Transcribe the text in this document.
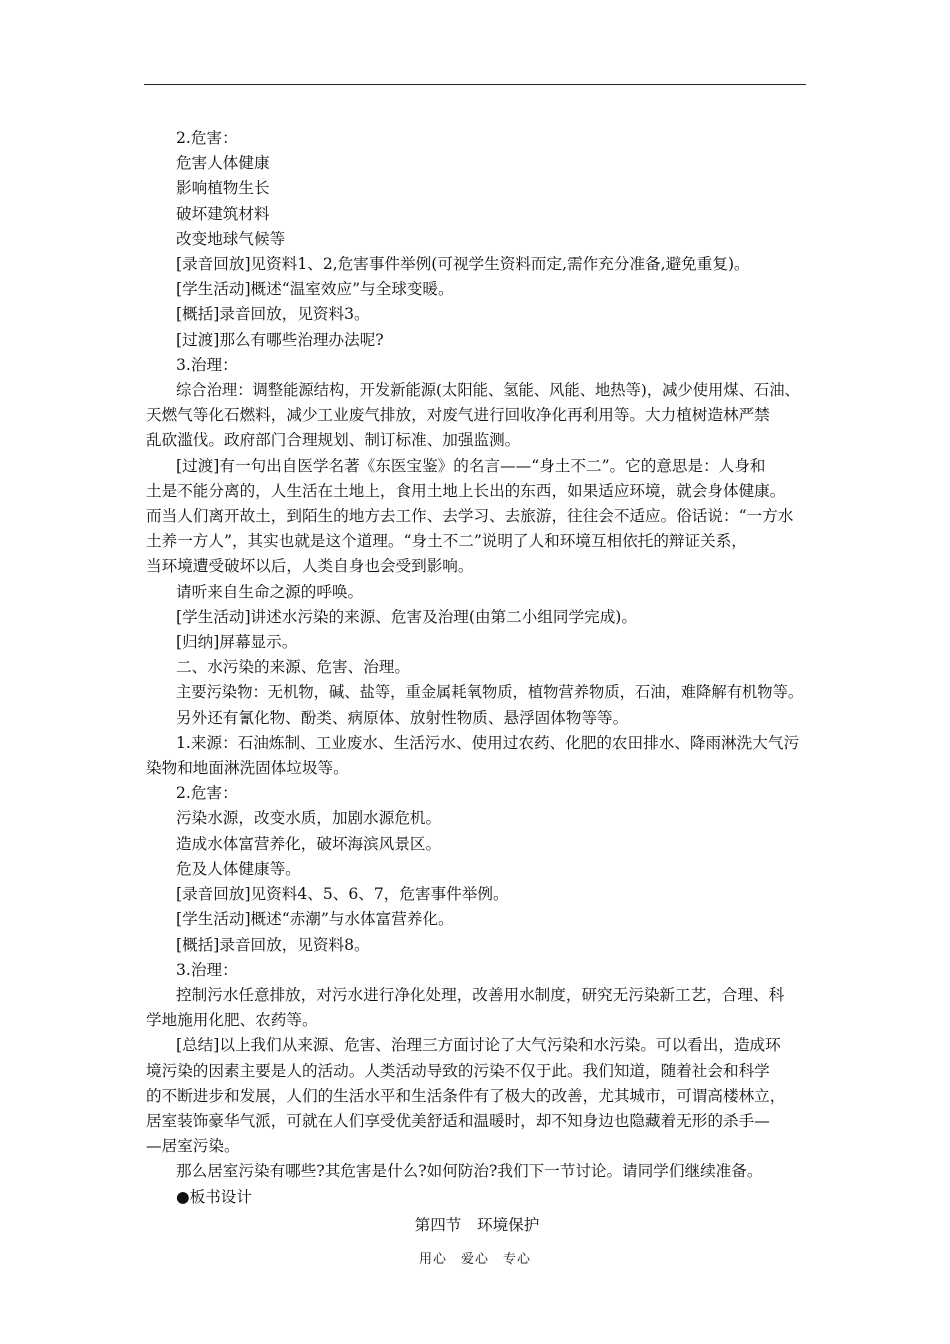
2.危害：

危害人体健康

影响植物生长

破坏建筑材料

改变地球气候等

[录音回放]见资料1、2,危害事件举例(可视学生资料而定,需作充分准备,避免重复)。

[学生活动]概述“温室效应”与全球变暖。

[概括]录音回放，见资料3。

[过渡]那么有哪些治理办法呢?

3.治理：

综合治理：调整能源结构，开发新能源(太阳能、氢能、风能、地热等)，减少使用煤、石油、

天燃气等化石燃料，减少工业废气排放，对废气进行回收净化再利用等。大力植树造林严禁

乱砍滥伐。政府部门合理规划、制订标准、加强监测。

[过渡]有一句出自医学名著《东医宝鉴》的名言——“身土不二”。它的意思是：人身和

土是不能分离的，人生活在土地上，食用土地上长出的东西，如果适应环境，就会身体健康。

而当人们离开故土，到陌生的地方去工作、去学习、去旅游，往往会不适应。俗话说：“一方水

土养一方人”，其实也就是这个道理。“身土不二”说明了人和环境互相依托的辩证关系，

当环境遭受破坏以后，人类自身也会受到影响。

请听来自生命之源的呼唤。

[学生活动]讲述水污染的来源、危害及治理(由第二小组同学完成)。

[归纳]屏幕显示。

二、水污染的来源、危害、治理。

主要污染物：无机物，碱、盐等，重金属耗氧物质，植物营养物质，石油，难降解有机物等。

另外还有氰化物、酚类、病原体、放射性物质、悬浮固体物等等。

1.来源：石油炼制、工业废水、生活污水、使用过农药、化肥的农田排水、降雨淋洗大气污

染物和地面淋洗固体垃圾等。

2.危害：

污染水源，改变水质，加剧水源危机。

造成水体富营养化，破坏海滨风景区。

危及人体健康等。

[录音回放]见资料4、5、6、7，危害事件举例。

[学生活动]概述“赤潮”与水体富营养化。

[概括]录音回放，见资料8。

3.治理：

控制污水任意排放，对污水进行净化处理，改善用水制度，研究无污染新工艺，合理、科

学地施用化肥、农药等。

[总结]以上我们从来源、危害、治理三方面讨论了大气污染和水污染。可以看出，造成环

境污染的因素主要是人的活动。人类活动导致的污染不仅于此。我们知道，随着社会和科学

的不断进步和发展，人们的生活水平和生活条件有了极大的改善，尤其城市，可谓高楼林立，

居室装饰豪华气派，可就在人们享受优美舒适和温暖时，却不知身边也隐藏着无形的杀手—

—居室污染。

那么居室污染有哪些?其危害是什么?如何防治?我们下一节讨论。请同学们继续准备。

●板书设计

第四节　环境保护

用心　爱心　专心
